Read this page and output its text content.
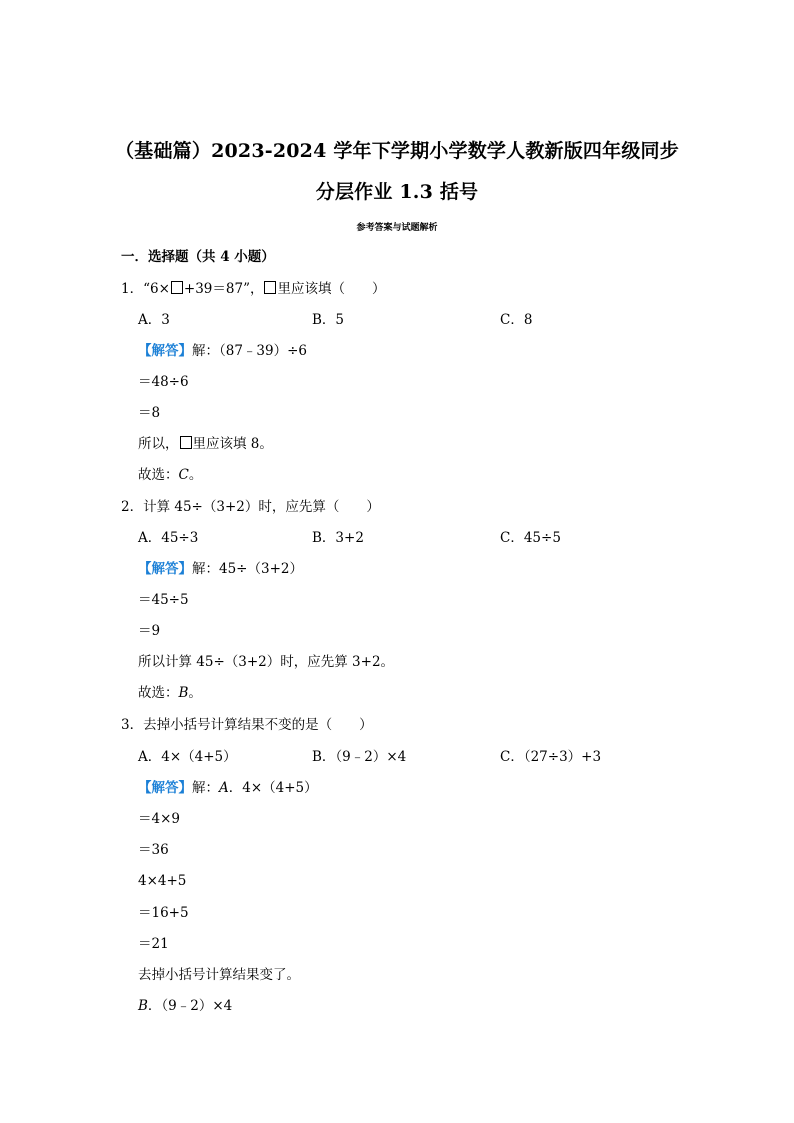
（基础篇）2023-2024 学年下学期小学数学人教新版四年级同步
分层作业 1.3 括号
参考答案与试题解析
一．选择题（共 4 小题）
1．“6× +39＝87”， 里应该填（　　）
A．3	B．5	C．8
【解答】解：（87﹣39）÷6
＝48÷6
＝8
所以， 里应该填 8。
故选：C。
2．计算 45÷（3+2）时，应先算（　　）
A．45÷3	B．3+2	C．45÷5
【解答】解：45÷（3+2）
＝45÷5
＝9
所以计算 45÷（3+2）时，应先算 3+2。
故选：B。
3．去掉小括号计算结果不变的是（　　）
A．4×（4+5）	B．（9﹣2）×4	C．（27÷3）+3
【解答】解：A．4×（4+5）
＝4×9
＝36
4×4+5
＝16+5
＝21
去掉小括号计算结果变了。
B．（9﹣2）×4
